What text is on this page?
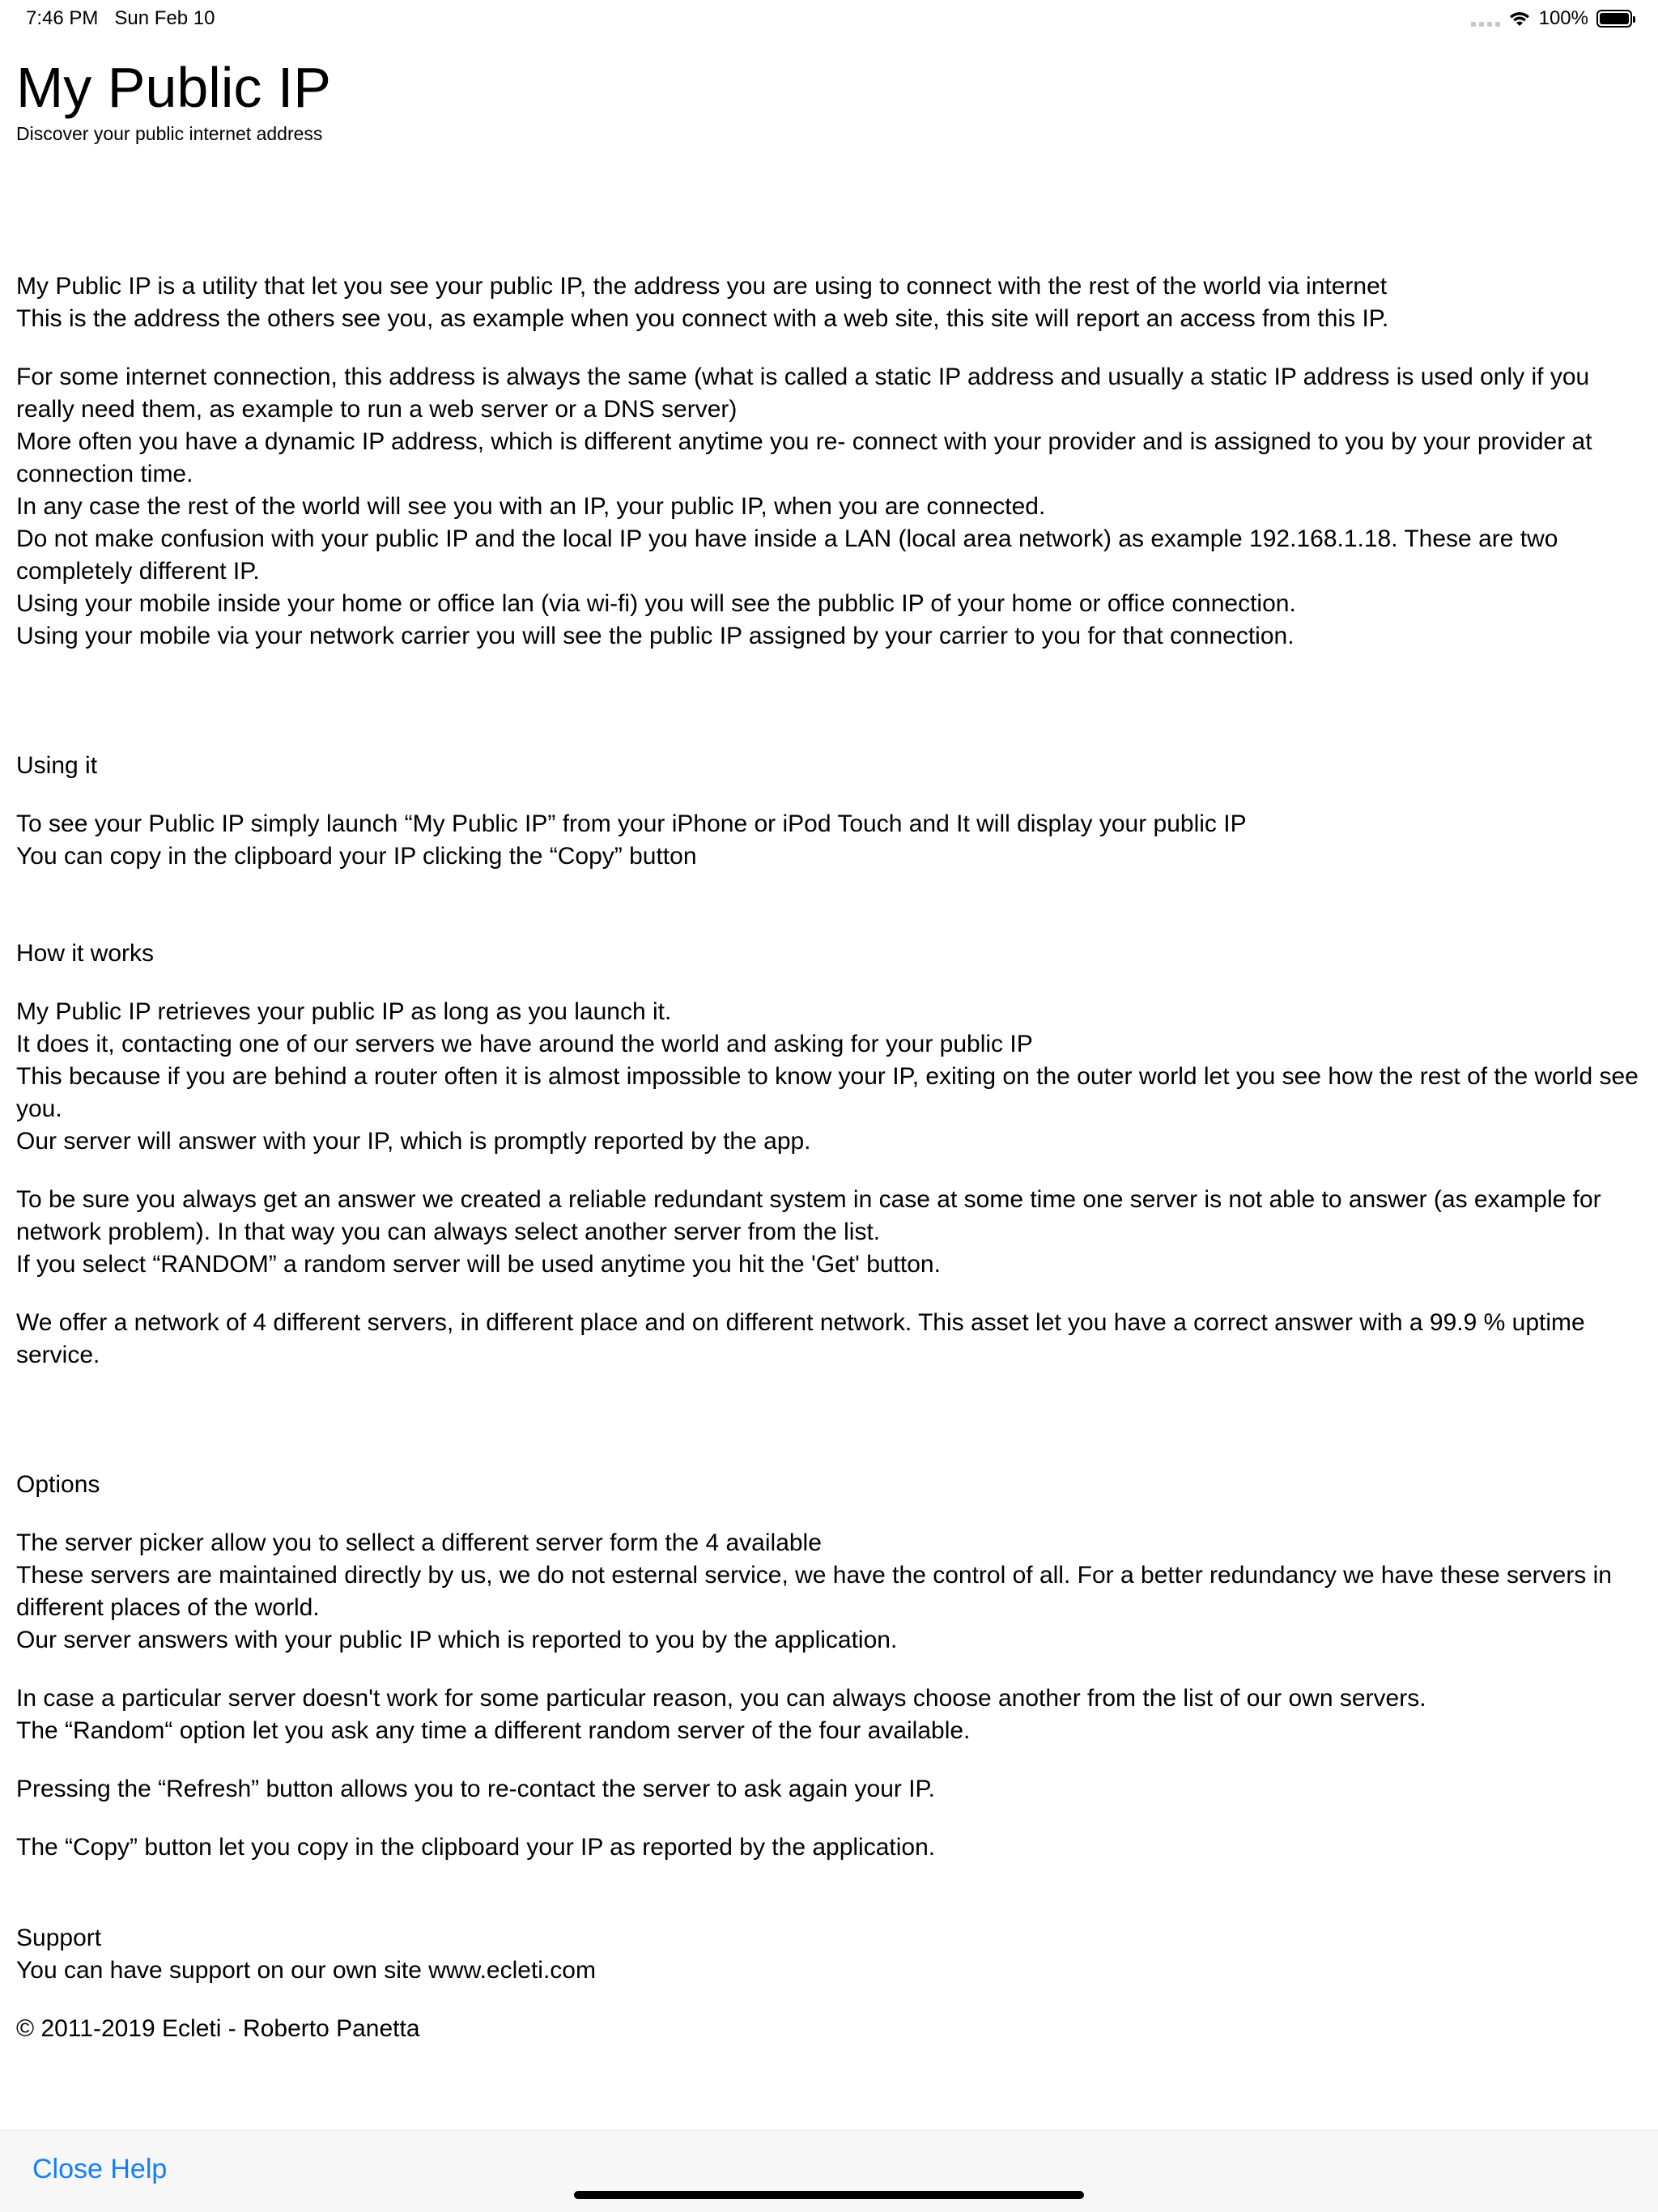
7:46 PM Sun Feb 10	100%
My Public IP

Discover your public internet address

My Public IP is a utility that let you see your public IP, the address you are using to connect with the rest of the world via internet
This is the address the others see you, as example when you connect with a web site, this site will report an access from this IP.

For some internet connection, this address is always the same (what is called a static IP address and usually a static IP address is used only if you really need them, as example to run a web server or a DNS server)
More often you have a dynamic IP address, which is different anytime you re- connect with your provider and is assigned to you by your provider at connection time.
In any case the rest of the world will see you with an IP, your public IP, when you are connected.
Do not make confusion with your public IP and the local IP you have inside a LAN (local area network) as example 192.168.1.18. These are two completely different IP.
Using your mobile inside your home or office lan (via wi-fi) you will see the pubblic IP of your home or office connection.
Using your mobile via your network carrier you will see the public IP assigned by your carrier to you for that connection.

Using it

To see your Public IP simply launch “My Public IP” from your iPhone or iPod Touch and It will display your public IP
You can copy in the clipboard your IP clicking the “Copy” button

How it works

My Public IP retrieves your public IP as long as you launch it.
It does it, contacting one of our servers we have around the world and asking for your public IP
This because if you are behind a router often it is almost impossible to know your IP, exiting on the outer world let you see how the rest of the world see you.
Our server will answer with your IP, which is promptly reported by the app.

To be sure you always get an answer we created a reliable redundant system in case at some time one server is not able to answer (as example for network problem). In that way you can always select another server from the list.
If you select “RANDOM” a random server will be used anytime you hit the 'Get' button.

We offer a network of 4 different servers, in different place and on different network. This asset let you have a correct answer with a 99.9 % uptime service.

Options

The server picker allow you to sellect a different server form the 4 available
These servers are maintained directly by us, we do not esternal service, we have the control of all. For a better redundancy we have these servers in different places of the world.
Our server answers with your public IP which is reported to you by the application.

In case a particular server doesn't work for some particular reason, you can always choose another from the list of our own servers.
The “Random“ option let you ask any time a different random server of the four available.

Pressing the “Refresh” button allows you to re-contact the server to ask again your IP.

The “Copy” button let you copy in the clipboard your IP as reported by the application.

Support

You can have support on our own site www.ecleti.com

© 2011-2019 Ecleti - Roberto Panetta

Close Help
